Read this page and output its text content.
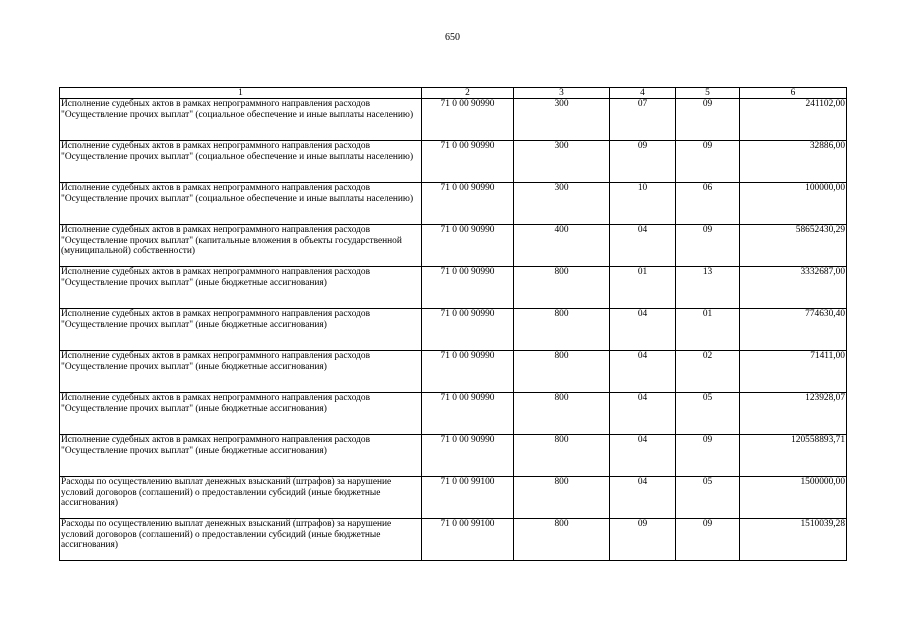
650
1	2	3	4	5	6
Исполнение судебных актов в рамках непрограммного направления расходов "Осуществление прочих выплат" (социальное обеспечение и иные выплаты населению)	71 0 00 90990	300	07	09	241102,00
Исполнение судебных актов в рамках непрограммного направления расходов "Осуществление прочих выплат" (социальное обеспечение и иные выплаты населению)	71 0 00 90990	300	09	09	32886,00
Исполнение судебных актов в рамках непрограммного направления расходов "Осуществление прочих выплат" (социальное обеспечение и иные выплаты населению)	71 0 00 90990	300	10	06	100000,00
Исполнение судебных актов в рамках непрограммного направления расходов "Осуществление прочих выплат" (капитальные вложения в объекты государственной (муниципальной) собственности)	71 0 00 90990	400	04	09	58652430,29
Исполнение судебных актов в рамках непрограммного направления расходов "Осуществление прочих выплат" (иные бюджетные ассигнования)	71 0 00 90990	800	01	13	3332687,00
Исполнение судебных актов в рамках непрограммного направления расходов "Осуществление прочих выплат" (иные бюджетные ассигнования)	71 0 00 90990	800	04	01	774630,40
Исполнение судебных актов в рамках непрограммного направления расходов "Осуществление прочих выплат" (иные бюджетные ассигнования)	71 0 00 90990	800	04	02	71411,00
Исполнение судебных актов в рамках непрограммного направления расходов "Осуществление прочих выплат" (иные бюджетные ассигнования)	71 0 00 90990	800	04	05	123928,07
Исполнение судебных актов в рамках непрограммного направления расходов "Осуществление прочих выплат" (иные бюджетные ассигнования)	71 0 00 90990	800	04	09	120558893,71
Расходы по осуществлению выплат денежных взысканий (штрафов) за нарушение условий договоров (соглашений) о предоставлении субсидий (иные бюджетные ассигнования)	71 0 00 99100	800	04	05	1500000,00
Расходы по осуществлению выплат денежных взысканий (штрафов) за нарушение условий договоров (соглашений) о предоставлении субсидий (иные бюджетные ассигнования)	71 0 00 99100	800	09	09	1510039,28
